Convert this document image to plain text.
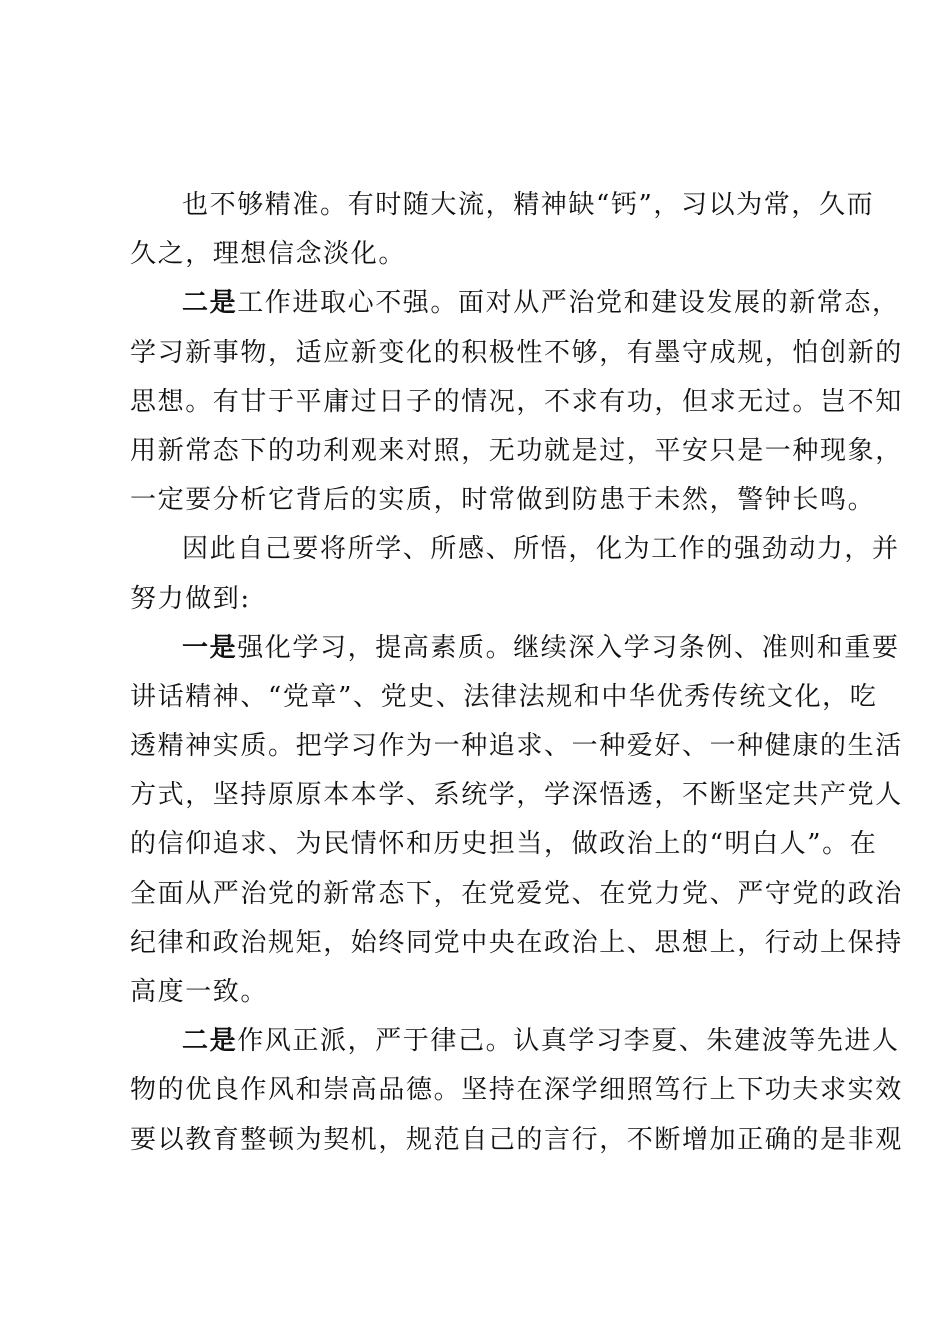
也不够精准。有时随大流，精神缺“钙”，习以为常，久而
久之，理想信念淡化。
二是工作进取心不强。面对从严治党和建设发展的新常态，
学习新事物，适应新变化的积极性不够，有墨守成规，怕创新的
思想。有甘于平庸过日子的情况，不求有功，但求无过。岂不知
用新常态下的功利观来对照，无功就是过，平安只是一种现象，
一定要分析它背后的实质，时常做到防患于未然，警钟长鸣。
因此自己要将所学、所感、所悟，化为工作的强劲动力，并
努力做到:
一是强化学习，提高素质。继续深入学习条例、准则和重要
讲话精神、“党章”、党史、法律法规和中华优秀传统文化，吃
透精神实质。把学习作为一种追求、一种爱好、一种健康的生活
方式，坚持原原本本学、系统学，学深悟透，不断坚定共产党人
的信仰追求、为民情怀和历史担当，做政治上的“明白人”。在
全面从严治党的新常态下，在党爱党、在党力党、严守党的政治
纪律和政治规矩，始终同党中央在政治上、思想上，行动上保持
高度一致。
二是作风正派，严于律己。认真学习李夏、朱建波等先进人
物的优良作风和崇高品德。坚持在深学细照笃行上下功夫求实效
要以教育整顿为契机，规范自己的言行，不断增加正确的是非观
